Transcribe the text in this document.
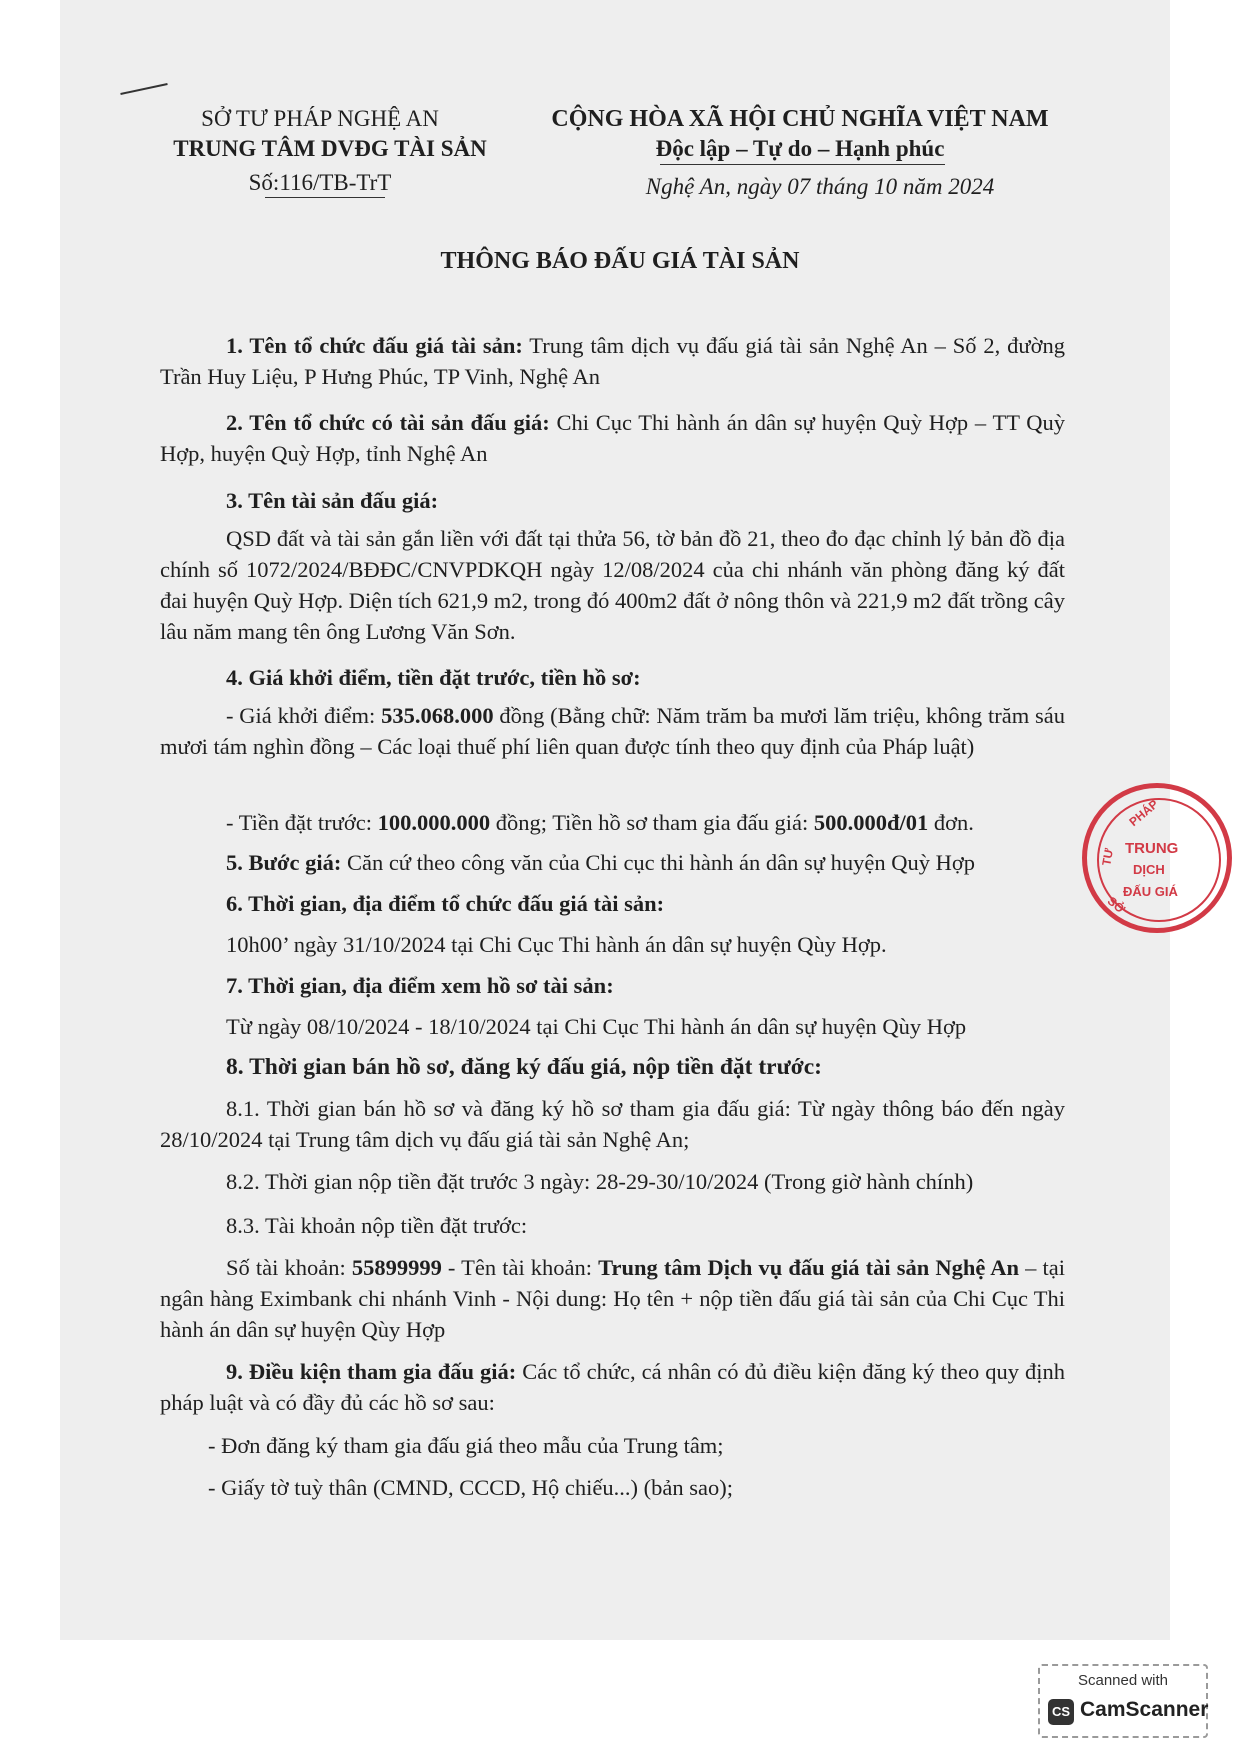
SỞ TƯ PHÁP NGHỆ AN
TRUNG TÂM DVĐG TÀI SẢN
Số:116/TB-TrT
CỘNG HÒA XÃ HỘI CHỦ NGHĨA VIỆT NAM
Độc lập – Tự do – Hạnh phúc
Nghệ An, ngày 07 tháng 10 năm 2024
THÔNG BÁO ĐẤU GIÁ TÀI SẢN
1. Tên tổ chức đấu giá tài sản: Trung tâm dịch vụ đấu giá tài sản Nghệ An – Số 2, đường Trần Huy Liệu, P Hưng Phúc, TP Vinh, Nghệ An
2. Tên tổ chức có tài sản đấu giá: Chi Cục Thi hành án dân sự huyện Quỳ Hợp – TT Quỳ Hợp, huyện Quỳ Hợp, tỉnh Nghệ An
3. Tên tài sản đấu giá:
QSD đất và tài sản gắn liền với đất tại thửa 56, tờ bản đồ 21, theo đo đạc chỉnh lý bản đồ địa chính số 1072/2024/BĐĐC/CNVPDKQH ngày 12/08/2024 của chi nhánh văn phòng đăng ký đất đai huyện Quỳ Hợp. Diện tích 621,9 m2, trong đó 400m2 đất ở nông thôn và 221,9 m2 đất trồng cây lâu năm mang tên ông Lương Văn Sơn.
4. Giá khởi điểm, tiền đặt trước, tiền hồ sơ:
- Giá khởi điểm: 535.068.000 đồng (Bằng chữ: Năm trăm ba mươi lăm triệu, không trăm sáu mươi tám nghìn đồng – Các loại thuế phí liên quan được tính theo quy định của Pháp luật)
- Tiền đặt trước: 100.000.000 đồng; Tiền hồ sơ tham gia đấu giá: 500.000đ/01 đơn.
5. Bước giá: Căn cứ theo công văn của Chi cục thi hành án dân sự huyện Quỳ Hợp
6. Thời gian, địa điểm tổ chức đấu giá tài sản:
10h00’ ngày 31/10/2024 tại Chi Cục Thi hành án dân sự huyện Qùy Hợp.
7. Thời gian, địa điểm xem hồ sơ tài sản:
Từ ngày 08/10/2024 - 18/10/2024 tại Chi Cục Thi hành án dân sự huyện Qùy Hợp
8. Thời gian bán hồ sơ, đăng ký đấu giá, nộp tiền đặt trước:
8.1. Thời gian bán hồ sơ và đăng ký hồ sơ tham gia đấu giá: Từ ngày thông báo đến ngày 28/10/2024 tại Trung tâm dịch vụ đấu giá tài sản Nghệ An;
8.2. Thời gian nộp tiền đặt trước 3 ngày: 28-29-30/10/2024 (Trong giờ hành chính)
8.3. Tài khoản nộp tiền đặt trước:
Số tài khoản: 55899999 - Tên tài khoản: Trung tâm Dịch vụ đấu giá tài sản Nghệ An – tại ngân hàng Eximbank chi nhánh Vinh - Nội dung: Họ tên + nộp tiền đấu giá tài sản của Chi Cục Thi hành án dân sự huyện Qùy Hợp
9. Điều kiện tham gia đấu giá: Các tổ chức, cá nhân có đủ điều kiện đăng ký theo quy định pháp luật và có đầy đủ các hồ sơ sau:
- Đơn đăng ký tham gia đấu giá theo mẫu của Trung tâm;
- Giấy tờ tuỳ thân (CMND, CCCD, Hộ chiếu...) (bản sao);
PHÁP
TƯ
SỞ
TRUNG
DỊCH
ĐẤU GIÁ
Scanned with
CS CamScanner
